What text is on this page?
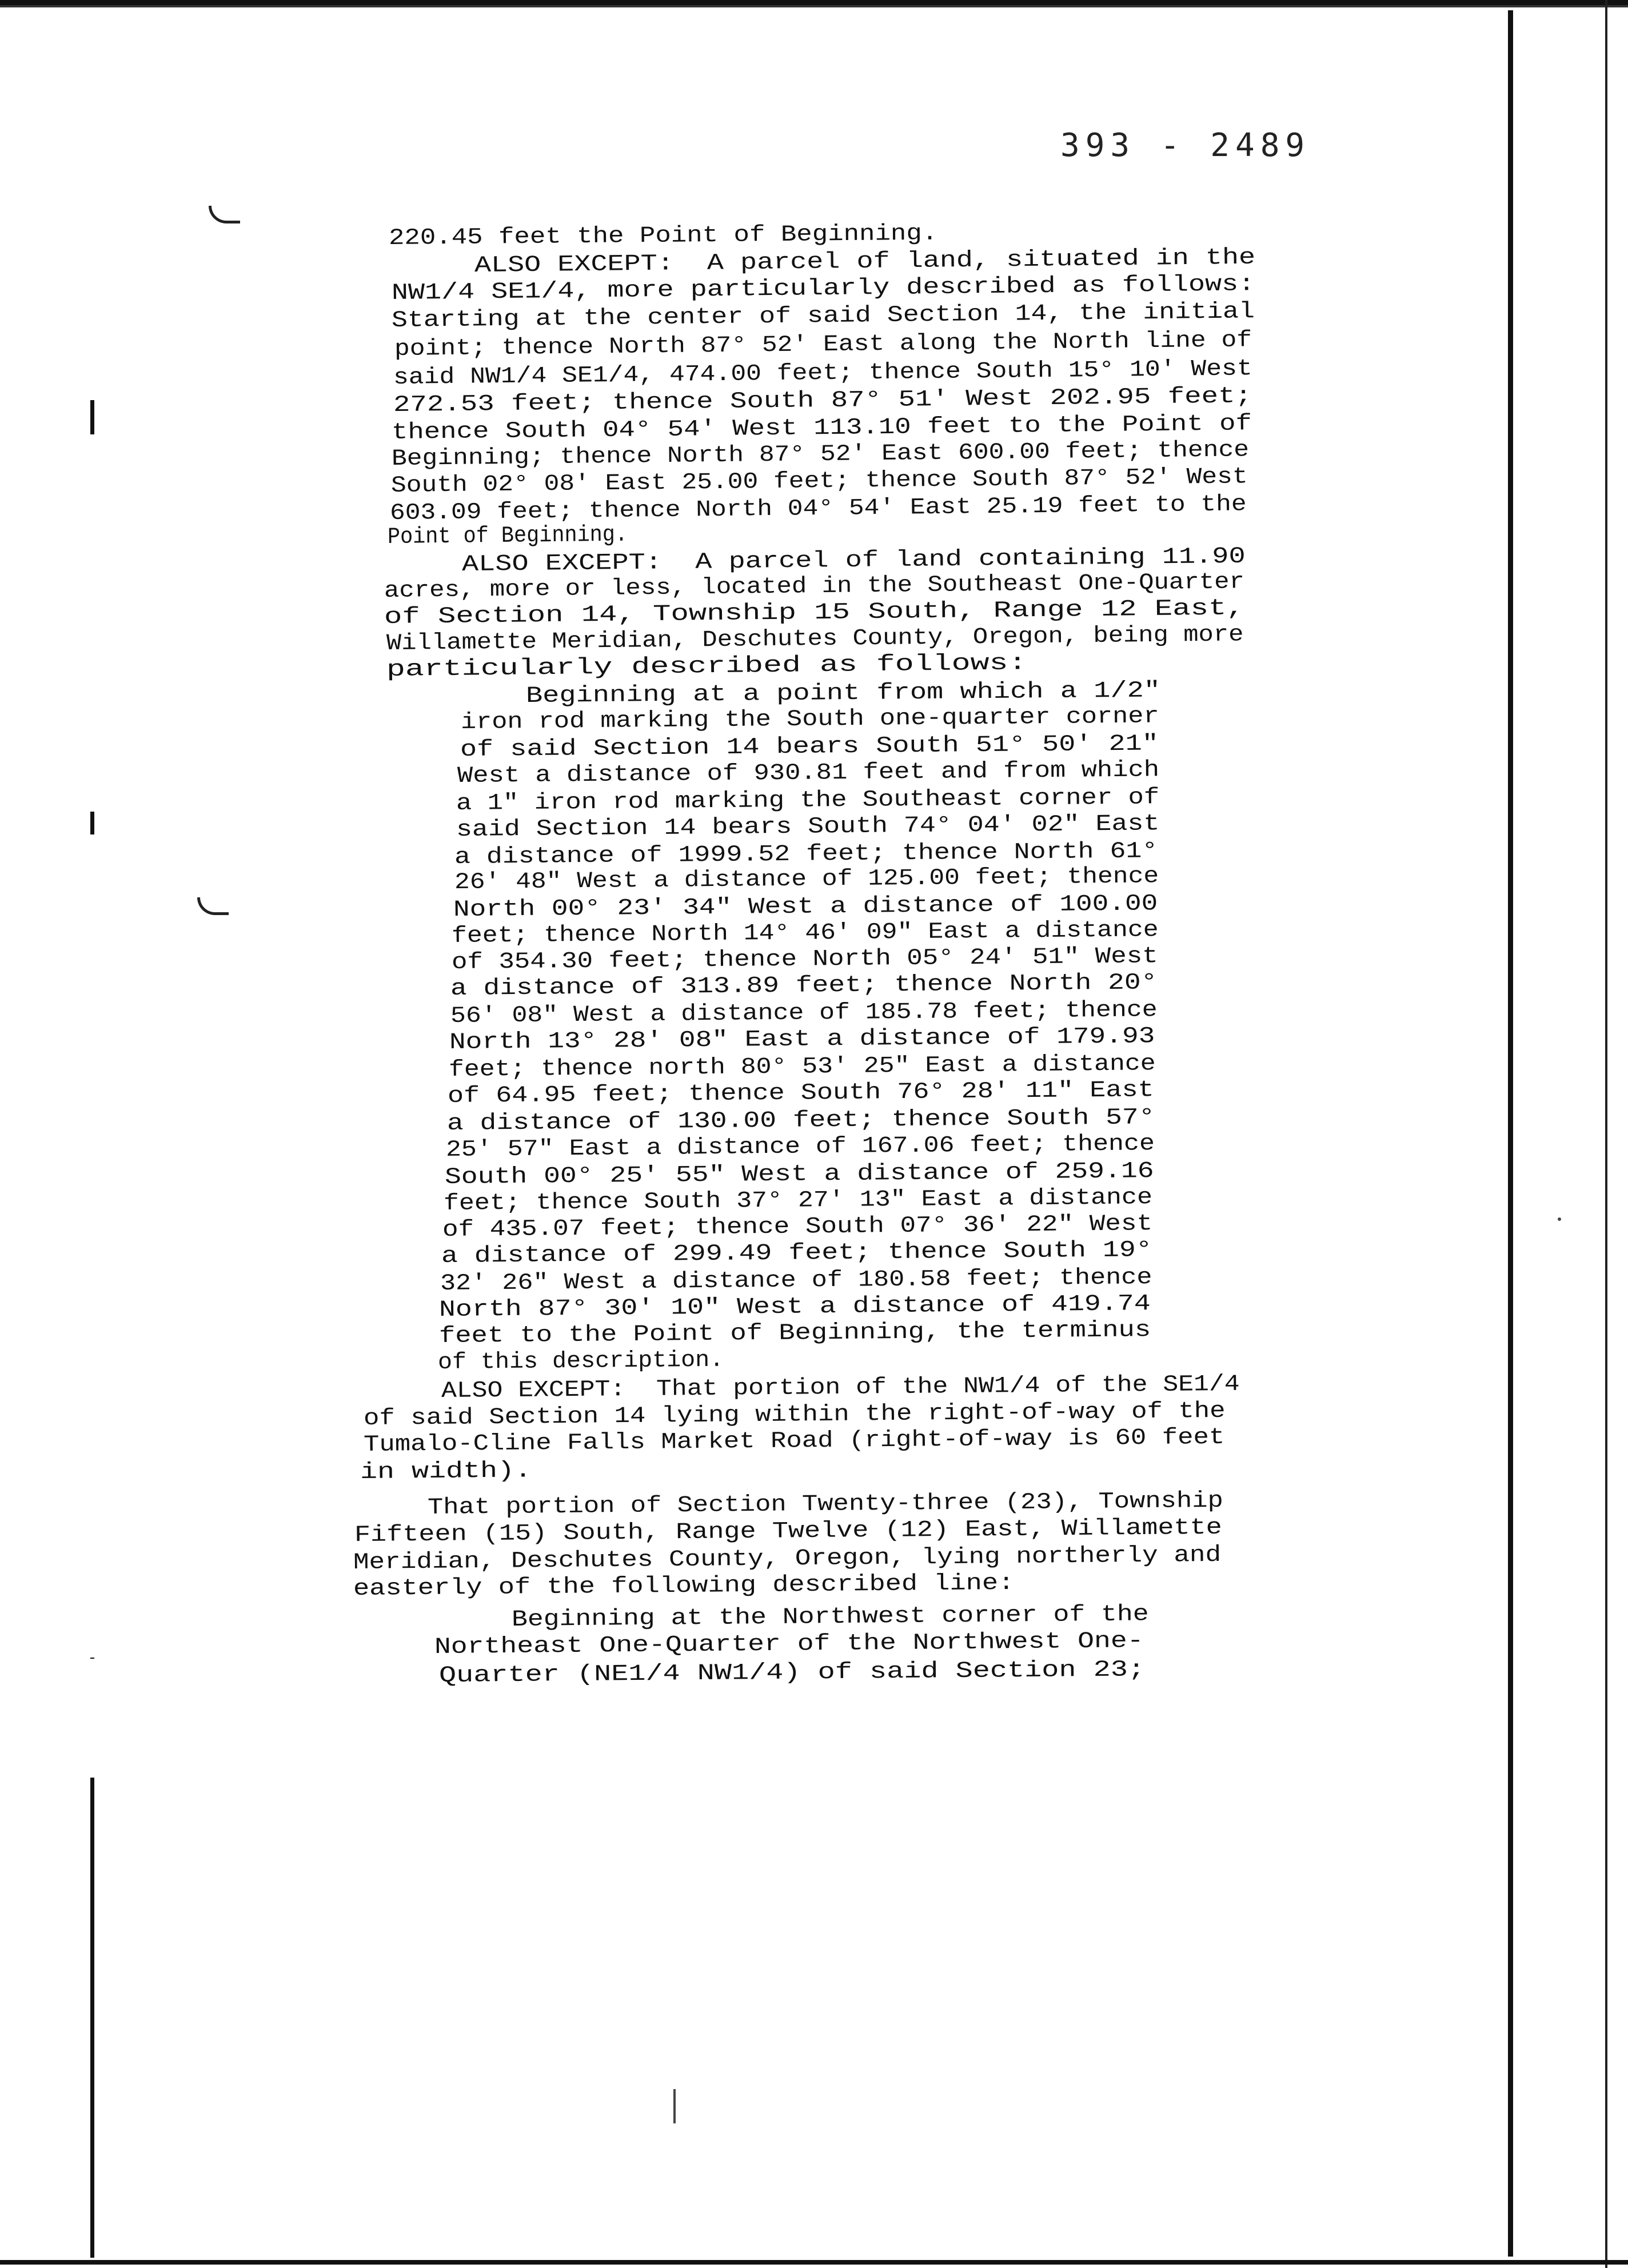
393 - 2489
220.45 feet the Point of Beginning.
ALSO EXCEPT:  A parcel of land, situated in the
NW1/4 SE1/4, more particularly described as follows:
Starting at the center of said Section 14, the initial
point; thence North 87° 52' East along the North line of
said NW1/4 SE1/4, 474.00 feet; thence South 15° 10' West
272.53 feet; thence South 87° 51' West 202.95 feet;
thence South 04° 54' West 113.10 feet to the Point of
Beginning; thence North 87° 52' East 600.00 feet; thence
South 02° 08' East 25.00 feet; thence South 87° 52' West
603.09 feet; thence North 04° 54' East 25.19 feet to the
Point of Beginning.
ALSO EXCEPT:  A parcel of land containing 11.90
acres, more or less, located in the Southeast One-Quarter
of Section 14, Township 15 South, Range 12 East,
Willamette Meridian, Deschutes County, Oregon, being more
particularly described as follows:
Beginning at a point from which a 1/2"
iron rod marking the South one-quarter corner
of said Section 14 bears South 51° 50' 21"
West a distance of 930.81 feet and from which
a 1" iron rod marking the Southeast corner of
said Section 14 bears South 74° 04' 02" East
a distance of 1999.52 feet; thence North 61°
26' 48" West a distance of 125.00 feet; thence
North 00° 23' 34" West a distance of 100.00
feet; thence North 14° 46' 09" East a distance
of 354.30 feet; thence North 05° 24' 51" West
a distance of 313.89 feet; thence North 20°
56' 08" West a distance of 185.78 feet; thence
North 13° 28' 08" East a distance of 179.93
feet; thence north 80° 53' 25" East a distance
of 64.95 feet; thence South 76° 28' 11" East
a distance of 130.00 feet; thence South 57°
25' 57" East a distance of 167.06 feet; thence
South 00° 25' 55" West a distance of 259.16
feet; thence South 37° 27' 13" East a distance
of 435.07 feet; thence South 07° 36' 22" West
a distance of 299.49 feet; thence South 19°
32' 26" West a distance of 180.58 feet; thence
North 87° 30' 10" West a distance of 419.74
feet to the Point of Beginning, the terminus
of this description.
ALSO EXCEPT:  That portion of the NW1/4 of the SE1/4
of said Section 14 lying within the right-of-way of the
Tumalo-Cline Falls Market Road (right-of-way is 60 feet
in width).
That portion of Section Twenty-three (23), Township
Fifteen (15) South, Range Twelve (12) East, Willamette
Meridian, Deschutes County, Oregon, lying northerly and
easterly of the following described line:
Beginning at the Northwest corner of the
Northeast One-Quarter of the Northwest One-
Quarter (NE1/4 NW1/4) of said Section 23;
